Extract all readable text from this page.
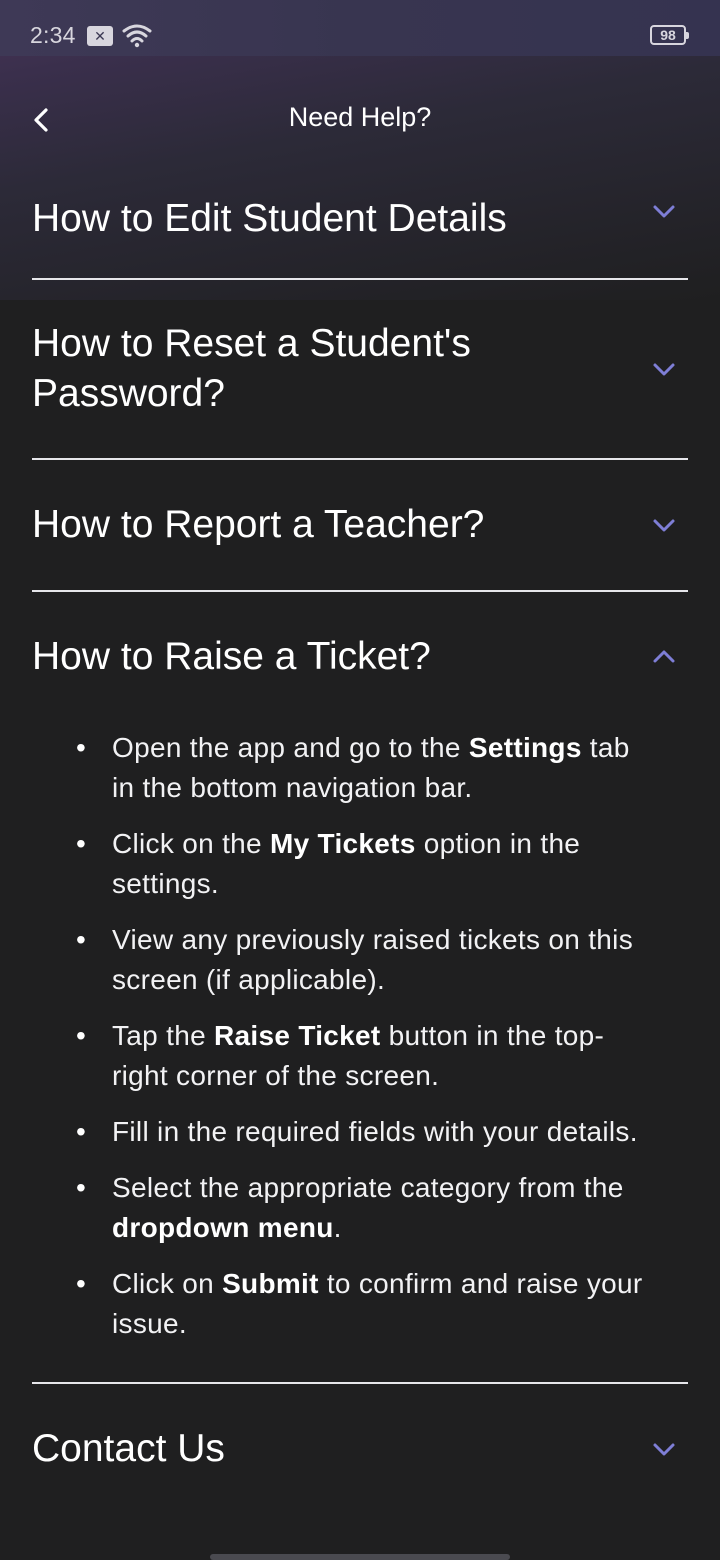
2:34	✕	98
Need Help?
How to Edit Student Details
How to Reset a Student's Password?
How to Report a Teacher?
How to Raise a Ticket?
• Open the app and go to the Settings tab in the bottom navigation bar.
• Click on the My Tickets option in the settings.
• View any previously raised tickets on this screen (if applicable).
• Tap the Raise Ticket button in the top-right corner of the screen.
• Fill in the required fields with your details.
• Select the appropriate category from the dropdown menu.
• Click on Submit to confirm and raise your issue.
Contact Us
